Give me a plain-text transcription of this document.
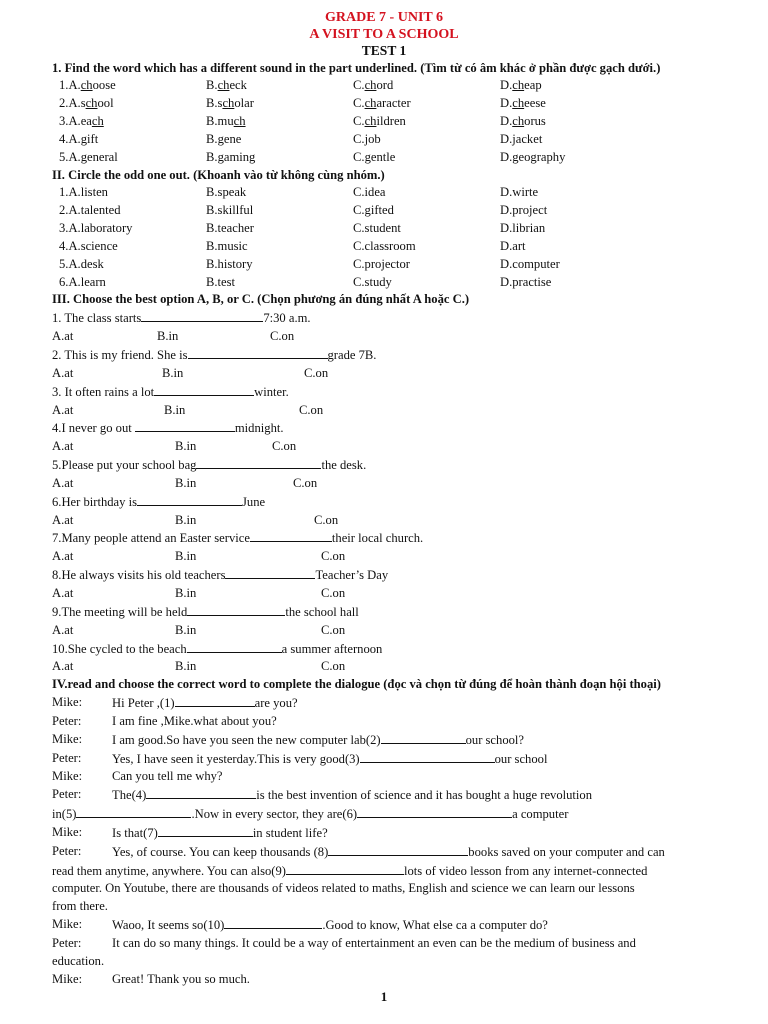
GRADE 7 - UNIT 6
A VISIT TO A SCHOOL
TEST 1
1. Find the word which has a different sound in the part underlined. (Tìm từ có âm khác ở phần được gạch dưới.)
1.A.choose	B.check	C.chord	D.cheap
2.A.school	B.scholar	C.character	D.cheese
3.A.each	B.much	C.children	D.chorus
4.A.gift	B.gene	C.job	D.jacket
5.A.general	B.gaming	C.gentle	D.geography
II. Circle the odd one out. (Khoanh vào từ không cùng nhóm.)
1.A.listen	B.speak	C.idea	D.wirte
2.A.talented	B.skillful	C.gifted	D.project
3.A.laboratory	B.teacher	C.student	D.librian
4.A.science	B.music	C.classroom	D.art
5.A.desk	B.history	C.projector	D.computer
6.A.learn	B.test	C.study	D.practise
III. Choose the best option A, B, or C. (Chọn phương án đúng nhất A hoặc C.)
1. The class starts	7:30 a.m.
A.at	B.in	C.on
2. This is my friend. She is	grade 7B.
A.at	B.in	C.on
3. It often rains a lot	winter.
A.at	B.in	C.on
4.I never go out	midnight.
A.at	B.in	C.on
5.Please put your school bag	the desk.
A.at	B.in	C.on
6.Her birthday is	June
A.at	B.in	C.on
7.Many people attend an Easter service	their local church.
A.at	B.in	C.on
8.He always visits his old teachers	Teacher’s Day
A.at	B.in	C.on
9.The meeting will be held	the school hall
A.at	B.in	C.on
10.She cycled to the beach	a summer afternoon
A.at	B.in	C.on
IV.read and choose the correct word to complete the dialogue (đọc và chọn từ đúng để hoàn thành đoạn hội thoại)
Mike:	Hi Peter ,(1)	are you?
Peter:	I am fine ,Mike.what about you?
Mike:	I am good.So have you seen the new computer lab(2)	our school?
Peter:	Yes, I have seen it yesterday.This is very good(3)	our school
Mike:	Can you tell me why?
Peter:	The(4)	is the best invention of science and it has bought a huge revolution
in(5)	.Now in every sector, they are(6)	a computer
Mike:	Is that(7)	in student life?
Peter:	Yes, of course. You can keep thousands (8)	books saved on your computer and can
read them anytime, anywhere. You can also(9)	lots of video lesson from any internet-connected
computer. On Youtube, there are thousands of videos related to maths, English and science we can learn our lessons
from there.
Mike:	Waoo, It seems so(10)	.Good to know, What else ca a computer do?
Peter:	It can do so many things. It could be a way of entertainment an even can be the medium of business and
education.
Mike:	Great! Thank you so much.
1
